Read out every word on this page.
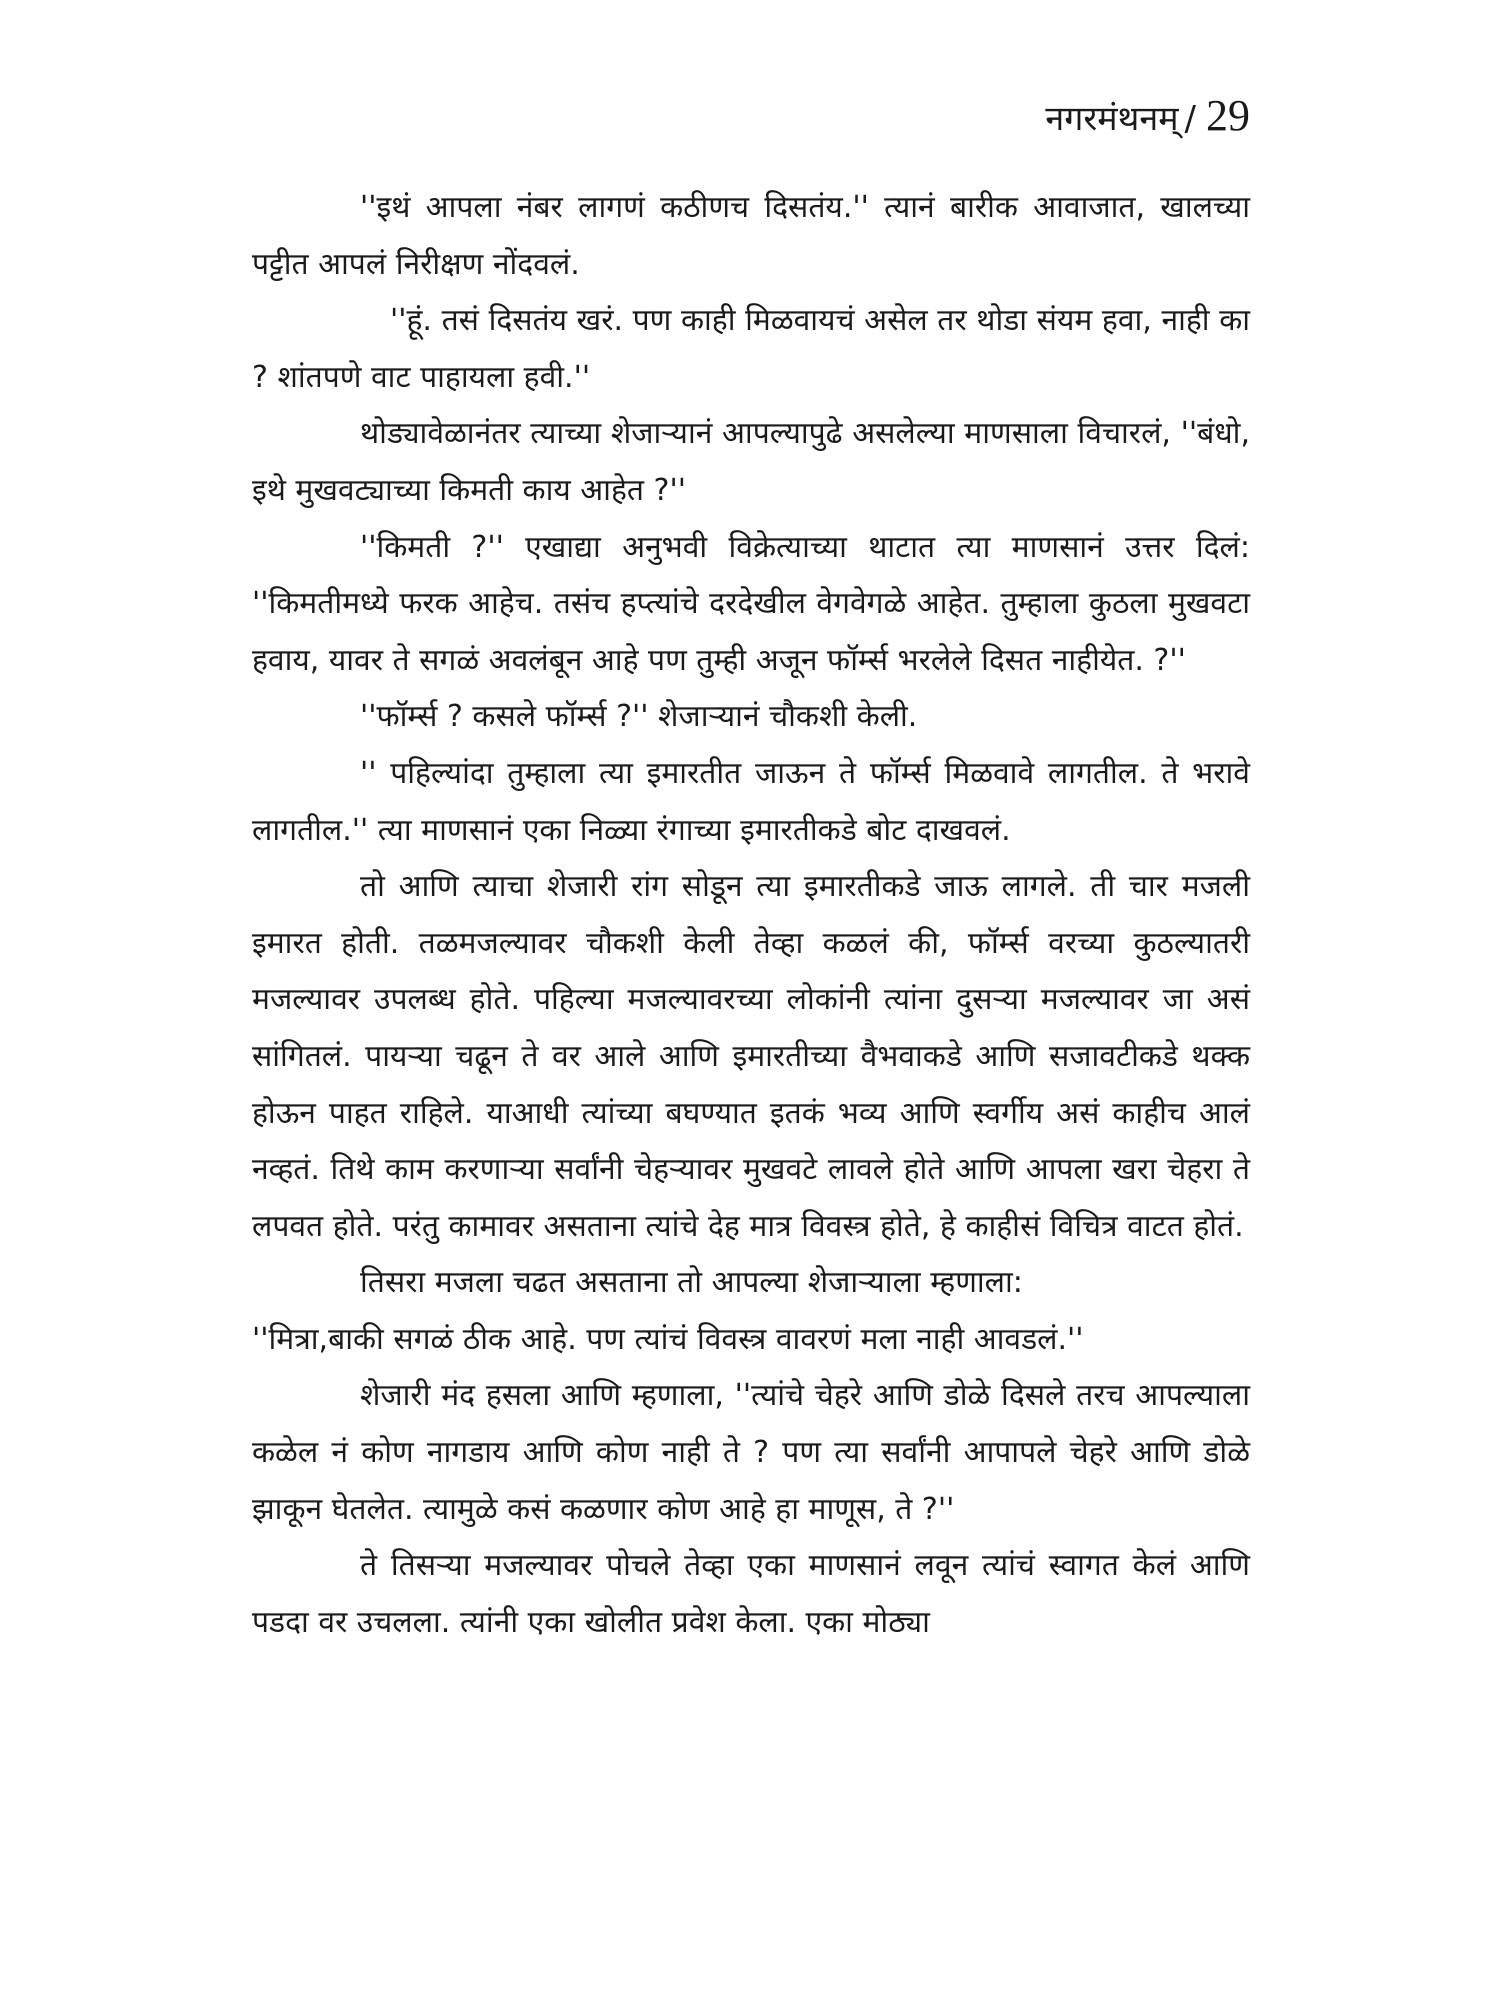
नगरमंथनम् / 29

''इथं आपला नंबर लागणं कठीणच दिसतंय.'' त्यानं बारीक आवाजात, खालच्या पट्टीत आपलं निरीक्षण नोंदवलं.

''हूं. तसं दिसतंय खरं. पण काही मिळवायचं असेल तर थोडा संयम हवा, नाही का ? शांतपणे वाट पाहायला हवी.''

थोड्यावेळानंतर त्याच्या शेजाऱ्यानं आपल्यापुढे असलेल्या माणसाला विचारलं, ''बंधो, इथे मुखवट्याच्या किमती काय आहेत ?''

''किमती ?'' एखाद्या अनुभवी विक्रेत्याच्या थाटात त्या माणसानं उत्तर दिलं: ''किमतीमध्ये फरक आहेच. तसंच हप्त्यांचे दरदेखील वेगवेगळे आहेत. तुम्हाला कुठला मुखवटा हवाय, यावर ते सगळं अवलंबून आहे पण तुम्ही अजून फॉर्म्स भरलेले दिसत नाहीयेत. ?''

''फॉर्म्स ? कसले फॉर्म्स ?'' शेजाऱ्यानं चौकशी केली.

'' पहिल्यांदा तुम्हाला त्या इमारतीत जाऊन ते फॉर्म्स मिळवावे लागतील. ते भरावे लागतील.'' त्या माणसानं एका निळ्या रंगाच्या इमारतीकडे बोट दाखवलं.

तो आणि त्याचा शेजारी रांग सोडून त्या इमारतीकडे जाऊ लागले. ती चार मजली इमारत होती. तळमजल्यावर चौकशी केली तेव्हा कळलं की, फॉर्म्स वरच्या कुठल्यातरी मजल्यावर उपलब्ध होते. पहिल्या मजल्यावरच्या लोकांनी त्यांना दुसऱ्या मजल्यावर जा असं सांगितलं. पायऱ्या चढून ते वर आले आणि इमारतीच्या वैभवाकडे आणि सजावटीकडे थक्क होऊन पाहत राहिले. याआधी त्यांच्या बघण्यात इतकं भव्य आणि स्वर्गीय असं काहीच आलं नव्हतं. तिथे काम करणाऱ्या सर्वांनी चेहऱ्यावर मुखवटे लावले होते आणि आपला खरा चेहरा ते लपवत होते. परंतु कामावर असताना त्यांचे देह मात्र विवस्त्र होते, हे काहीसं विचित्र वाटत होतं.

तिसरा मजला चढत असताना तो आपल्या शेजाऱ्याला म्हणाला:

''मित्रा,बाकी सगळं ठीक आहे. पण त्यांचं विवस्त्र वावरणं मला नाही आवडलं.''

शेजारी मंद हसला आणि म्हणाला, ''त्यांचे चेहरे आणि डोळे दिसले तरच आपल्याला कळेल नं कोण नागडाय आणि कोण नाही ते ? पण त्या सर्वांनी आपापले चेहरे आणि डोळे झाकून घेतलेत. त्यामुळे कसं कळणार कोण आहे हा माणूस, ते ?''

ते तिसऱ्या मजल्यावर पोचले तेव्हा एका माणसानं लवून त्यांचं स्वागत केलं आणि पडदा वर उचलला. त्यांनी एका खोलीत प्रवेश केला. एका मोठ्या
